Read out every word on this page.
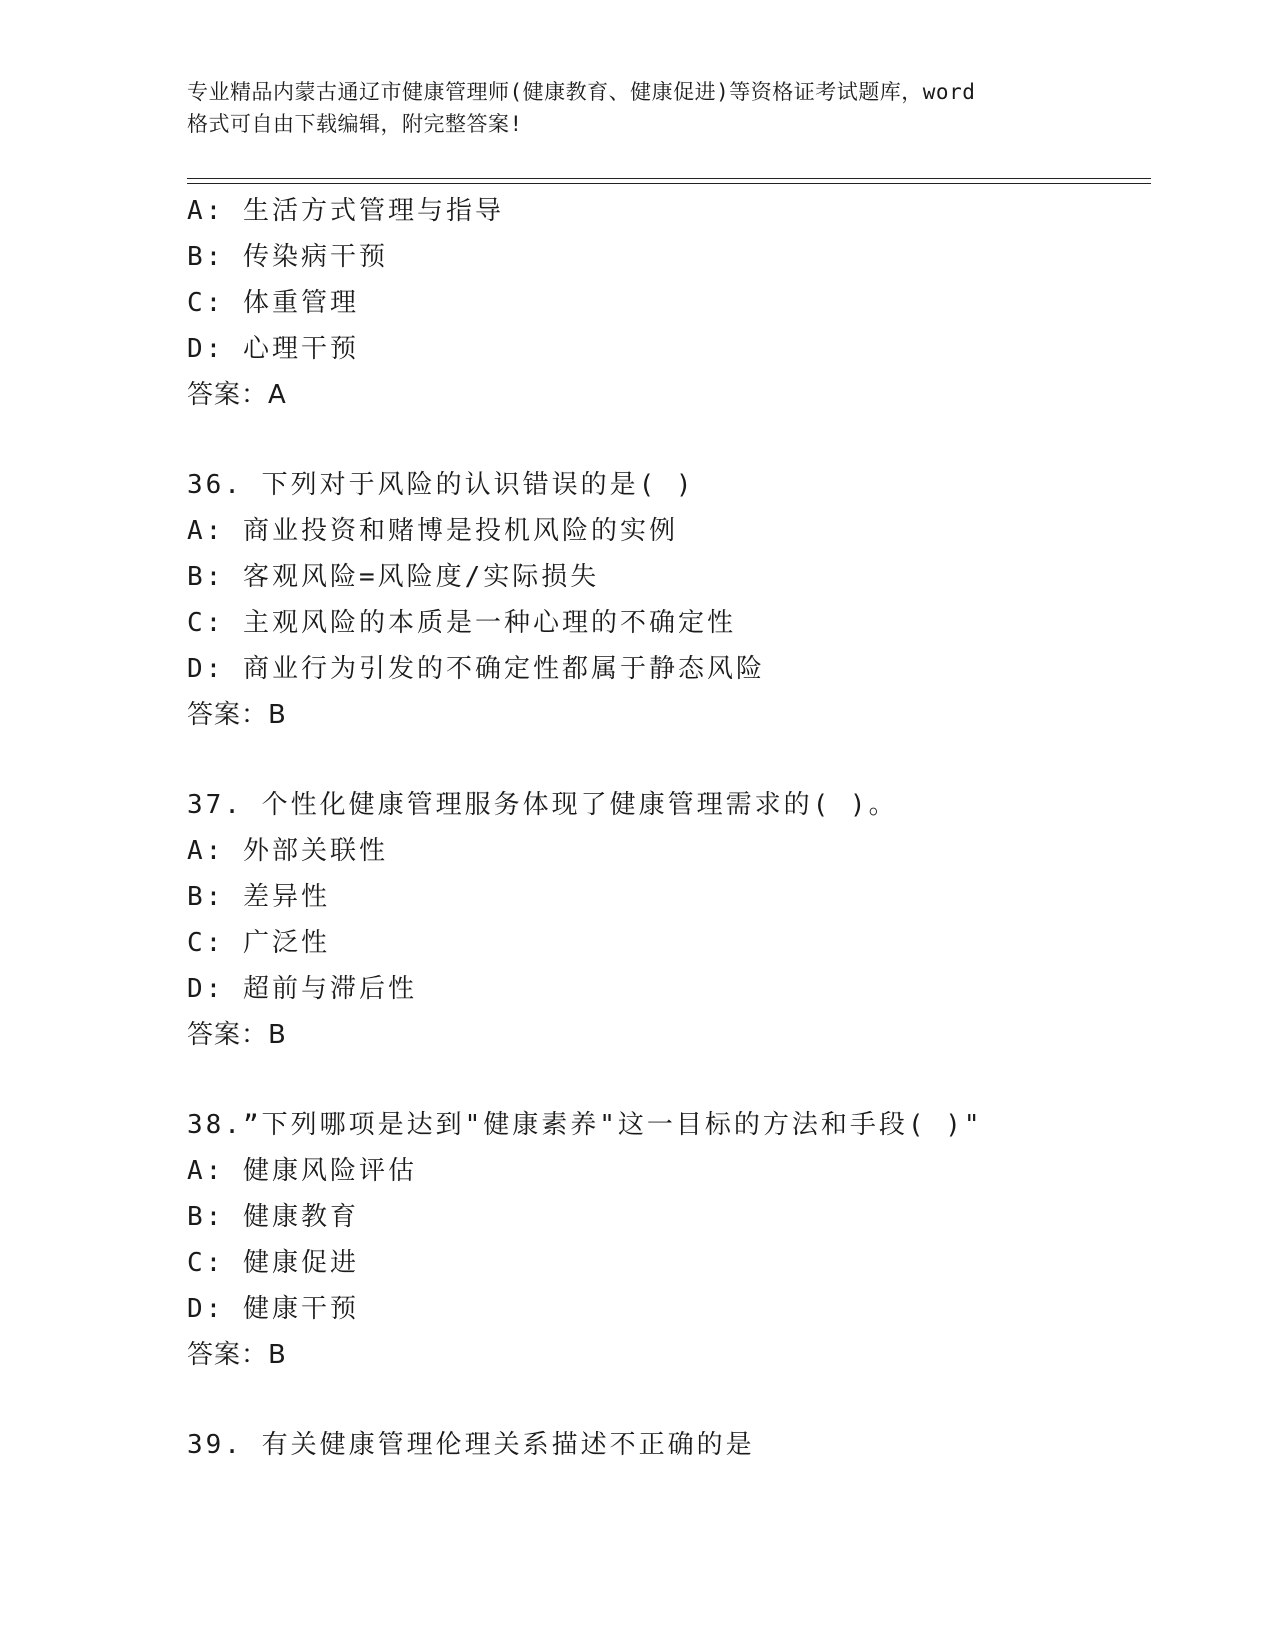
专业精品内蒙古通辽市健康管理师(健康教育、健康促进)等资格证考试题库，word
格式可自由下载编辑，附完整答案!
A: 生活方式管理与指导
B: 传染病干预
C: 体重管理
D: 心理干预
答案：A
36. 下列对于风险的认识错误的是( )
A: 商业投资和赌博是投机风险的实例
B: 客观风险=风险度/实际损失
C: 主观风险的本质是一种心理的不确定性
D: 商业行为引发的不确定性都属于静态风险
答案：B
37. 个性化健康管理服务体现了健康管理需求的( )。
A: 外部关联性
B: 差异性
C: 广泛性
D: 超前与滞后性
答案：B
38.”下列哪项是达到"健康素养"这一目标的方法和手段( )"
A: 健康风险评估
B: 健康教育
C: 健康促进
D: 健康干预
答案：B
39. 有关健康管理伦理关系描述不正确的是
